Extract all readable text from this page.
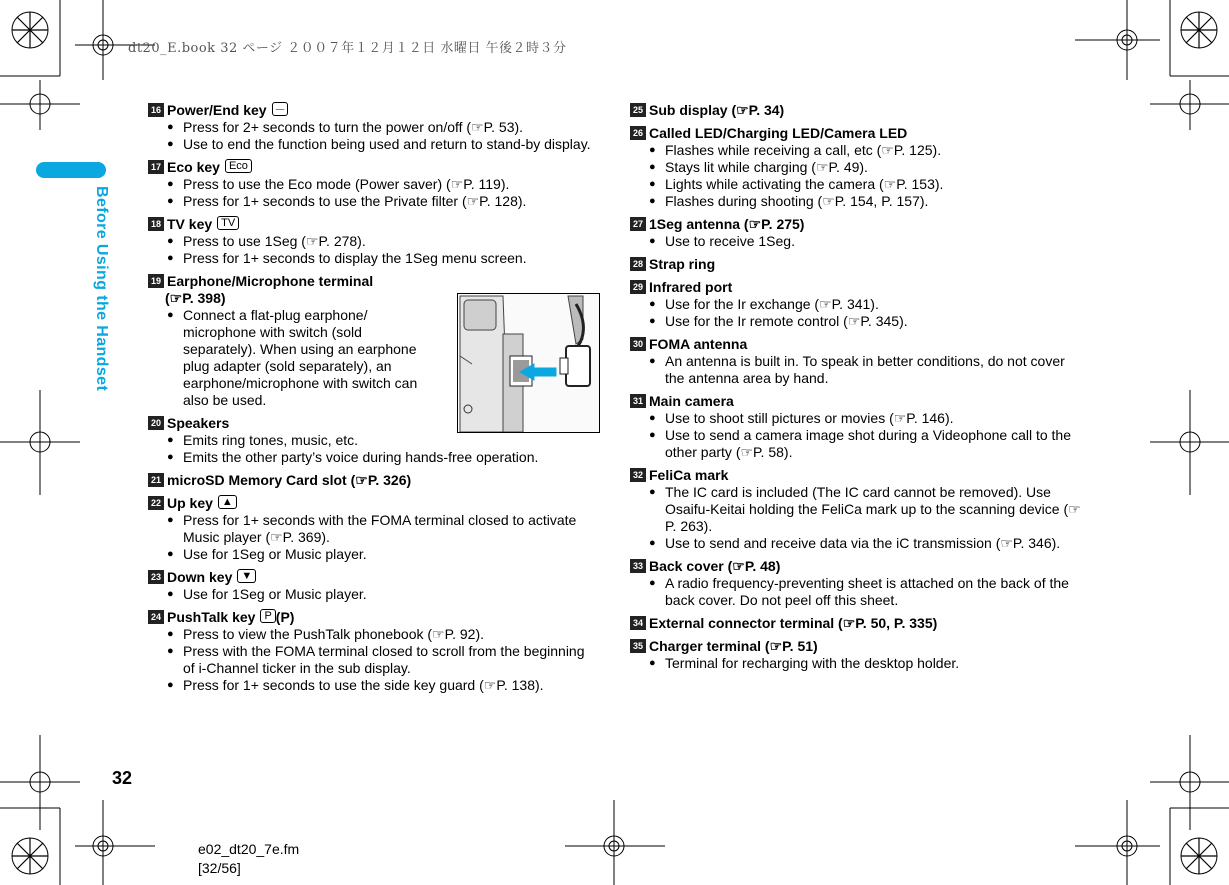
dt20_E.book 32 ページ ２００７年１２月１２日 水曜日 午後２時３分
Before Using the Handset
32
e02_dt20_7e.fm
[32/56]
16 Power/End key ⏤
● Press for 2+ seconds to turn the power on/off (☞P. 53).
● Use to end the function being used and return to stand-by display.
17 Eco key Eco
● Press to use the Eco mode (Power saver) (☞P. 119).
● Press for 1+ seconds to use the Private filter (☞P. 128).
18 TV key TV
● Press to use 1Seg (☞P. 278).
● Press for 1+ seconds to display the 1Seg menu screen.
19 Earphone/Microphone terminal
(☞P. 398)
● Connect a flat-plug earphone/ microphone with switch (sold separately). When using an earphone plug adapter (sold separately), an earphone/microphone with switch can also be used.
20 Speakers
● Emits ring tones, music, etc.
● Emits the other party’s voice during hands-free operation.
21 microSD Memory Card slot (☞P. 326)
22 Up key ▲
● Press for 1+ seconds with the FOMA terminal closed to activate Music player (☞P. 369).
● Use for 1Seg or Music player.
23 Down key ▼
● Use for 1Seg or Music player.
24 PushTalk key P (P)
● Press to view the PushTalk phonebook (☞P. 92).
● Press with the FOMA terminal closed to scroll from the beginning of i-Channel ticker in the sub display.
● Press for 1+ seconds to use the side key guard (☞P. 138).
25 Sub display (☞P. 34)
26 Called LED/Charging LED/Camera LED
● Flashes while receiving a call, etc (☞P. 125).
● Stays lit while charging (☞P. 49).
● Lights while activating the camera (☞P. 153).
● Flashes during shooting (☞P. 154, P. 157).
27 1Seg antenna (☞P. 275)
● Use to receive 1Seg.
28 Strap ring
29 Infrared port
● Use for the Ir exchange (☞P. 341).
● Use for the Ir remote control (☞P. 345).
30 FOMA antenna
● An antenna is built in. To speak in better conditions, do not cover the antenna area by hand.
31 Main camera
● Use to shoot still pictures or movies (☞P. 146).
● Use to send a camera image shot during a Videophone call to the other party (☞P. 58).
32 FeliCa mark
● The IC card is included (The IC card cannot be removed). Use Osaifu-Keitai holding the FeliCa mark up to the scanning device (☞P. 263).
● Use to send and receive data via the iC transmission (☞P. 346).
33 Back cover (☞P. 48)
● A radio frequency-preventing sheet is attached on the back of the back cover. Do not peel off this sheet.
34 External connector terminal (☞P. 50, P. 335)
35 Charger terminal (☞P. 51)
● Terminal for recharging with the desktop holder.
